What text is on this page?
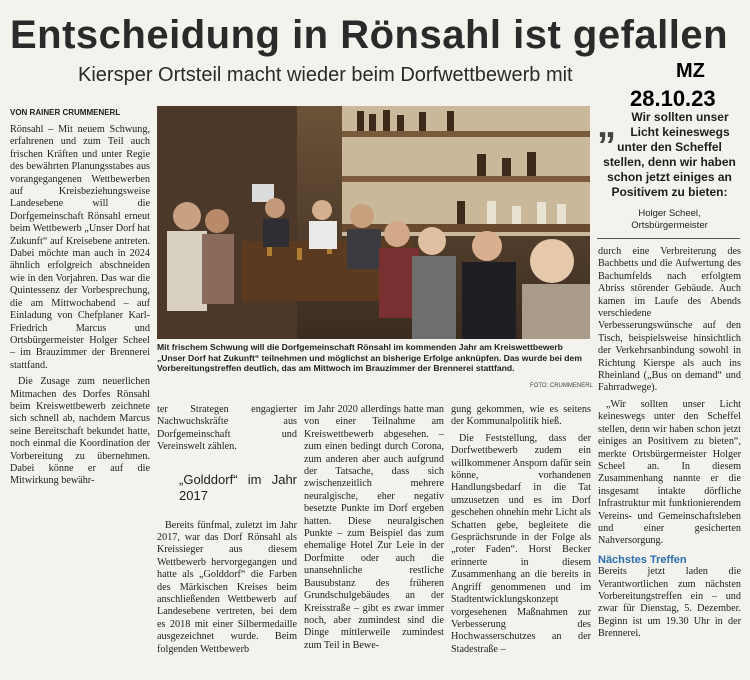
Entscheidung in Rönsahl ist gefallen
Kiersper Ortsteil macht wieder beim Dorfwettbewerb mit	MZ
28.10.23
VON RAINER CRUMMENERL

Rönsahl – Mit neuem Schwung, erfahrenen und zum Teil auch frischen Kräften und unter Regie des bewährten Planungsstabes aus vorangegangenen Wettbewerben auf Kreisbeziehungsweise Landesebene will die Dorfgemeinschaft Rönsahl erneut beim Wettbewerb „Unser Dorf hat Zukunft“ auf Kreisebene antreten. Dabei möchte man auch in 2024 ähnlich erfolgreich abschneiden wie in den Vorjahren. Das war die Quintessenz der Vorbesprechung, die am Mittwochabend – auf Einladung von Chefplaner Karl-Friedrich Marcus und Ortsbürgermeister Holger Scheel – im Brauzimmer der Brennerei stattfand.

Die Zusage zum neuerlichen Mitmachen des Dorfes Rönsahl beim Kreiswettbewerb zeichnete sich schnell ab, nachdem Marcus seine Bereitschaft bekundet hatte, noch einmal die Koordination der Vorbereitung zu übernehmen. Dabei könne er auf die Mitwirkung bewähr-

Mit frischem Schwung will die Dorfgemeinschaft Rönsahl im kommenden Jahr am Kreiswettbewerb „Unser Dorf hat Zukunft“ teilnehmen und möglichst an bisherige Erfolge anknüpfen. Das wurde bei dem Vorbereitungstreffen deutlich, das am Mittwoch im Brauzimmer der Brennerei stattfand.
FOTO: CRUMMENERL
„ Wir sollten unser Licht keineswegs unter den Scheffel stellen, denn wir haben schon jetzt einiges an Positivem zu bieten:
Holger Scheel,
Ortsbürgermeister

ter Strategen engagierter Nachwuchskräfte aus Dorfgemeinschaft und Vereinswelt zählen.

„Golddorf“ im Jahr 2017

Bereits fünfmal, zuletzt im Jahr 2017, war das Dorf Rönsahl als Kreissieger aus diesem Wettbewerb hervorgegangen und hatte als „Golddorf“ die Farben des Märkischen Kreises beim anschließenden Wettbewerb auf Landesebene vertreten, bei dem es 2018 mit einer Silbermedaille ausgezeichnet wurde. Beim folgenden Wettbewerb

im Jahr 2020 allerdings hatte man von einer Teilnahme am Kreiswettbewerb abgesehen. – zum einen bedingt durch Corona, zum anderen aber auch aufgrund der Tatsache, dass sich zwischenzeitlich mehrere neuralgische, eher negativ besetzte Punkte im Dorf ergeben hatten. Diese neuralgischen Punkte – zum Beispiel das zum ehemalige Hotel Zur Leie in der Dorfmitte oder auch die unansehnliche restliche Bausubstanz des früheren Grundschulgebäudes an der Kreisstraße – gibt es zwar immer noch, aber zumindest sind die Dinge mittlerweile zumindest zum Teil in Bewe-

gung gekommen, wie es seitens der Kommunalpolitik hieß.

Die Feststellung, dass der Dorfwettbewerb zudem ein willkommener Ansporn dafür sein könne, vorhandenen Handlungsbedarf in die Tat umzusetzen und es im Dorf geschehen ohnehin mehr Licht als Schatten gebe, begleitete die Gesprächsrunde in der Folge als „roter Faden“. Horst Becker erinnerte in diesem Zusammenhang an die bereits in Angriff genommenen und im Stadtentwicklungskonzept vorgesehenen Maßnahmen zur Verbesserung des Hochwasserschutzes an der Stadestraße –

durch eine Verbreiterung des Bachbetts und die Aufwertung des Bachumfelds nach erfolgtem Abriss störender Gebäude. Auch kamen im Laufe des Abends verschiedene Verbesserungswünsche auf den Tisch, beispielsweise hinsichtlich der Verkehrsanbindung sowohl in Richtung Kierspe als auch ins Rheinland („Bus on demand“ und Fahrradwege).

„Wir sollten unser Licht keineswegs unter den Scheffel stellen, denn wir haben schon jetzt einiges an Positivem zu bieten“, merkte Ortsbürgermeister Holger Scheel an. In diesem Zusammenhang nannte er die insgesamt intakte dörfliche Infrastruktur mit funktionierendem Vereins- und Gemeinschaftsleben und einer gesicherten Nahversorgung.

Nächstes Treffen

Bereits jetzt laden die Verantwortlichen zum nächsten Vorbereitungstreffen ein – und zwar für Dienstag, 5. Dezember. Beginn ist um 19.30 Uhr in der Brennerei.
